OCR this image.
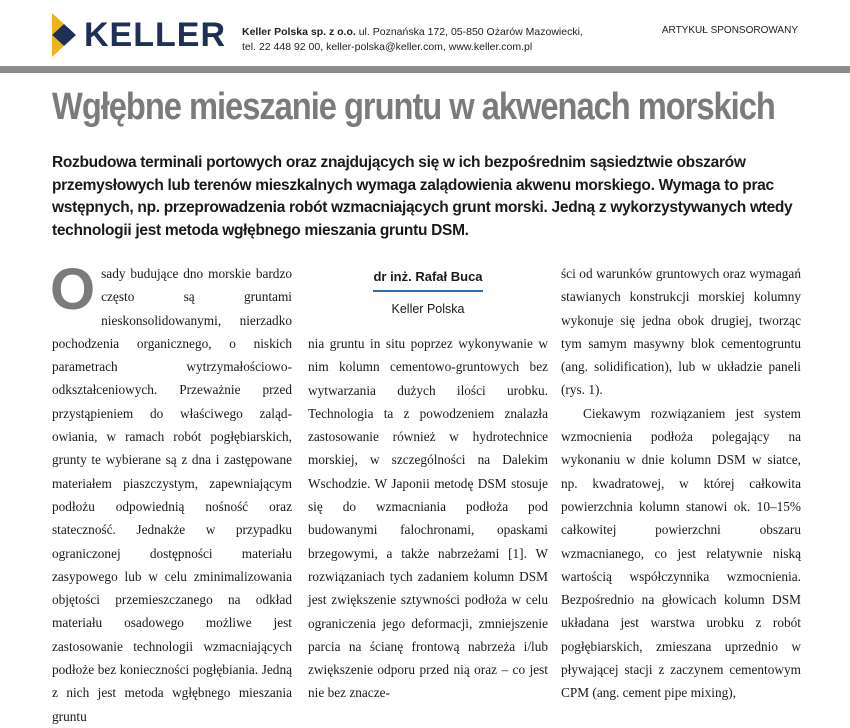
KELLER Keller Polska sp. z o.o. ul. Poznańska 172, 05-850 Ożarów Mazowiecki,
tel. 22 448 92 00, keller-polska@keller.com, www.keller.com.pl
ARTYKUŁ SPONSOROWANY
Wgłębne mieszanie gruntu w akwenach morskich

Rozbudowa terminali portowych oraz znajdujących się w ich bezpośrednim sąsiedztwie obszarów przemysłowych lub terenów mieszkalnych wymaga zalądowienia akwenu morskiego. Wymaga to prac wstępnych, np. przeprowadzenia robót wzmacniających grunt morski. Jedną z wykorzystywanych wtedy technologii jest metoda wgłębnego mieszania gruntu DSM.

Osady budujące dno morskie bardzo często są gruntami nieskonsolidowanymi, nierzadko pochodzenia organicznego, o niskich parametrach wytrzymałościowo-odkształceniowych. Przeważnie przed przystąpieniem do właściwego zalądowiania, w ramach robót pogłębiarskich, grunty te wybierane są z dna i zastępowane materiałem piaszczystym, zapewniającym podłożu odpowiednią nośność oraz stateczność. Jednakże w przypadku ograniczonej dostępności materiału zasypowego lub w celu zminimalizowania objętości przemieszczanego na odkład materiału osadowego możliwe jest zastosowanie technologii wzmacniających podłoże bez konieczności pogłębiania. Jedną z nich jest metoda wgłębnego mieszania gruntu

dr inż. Rafał Buca
Keller Polska

nia gruntu in situ poprzez wykonywanie w nim kolumn cementowo-gruntowych bez wytwarzania dużych ilości urobku. Technologia ta z powodzeniem znalazła zastosowanie również w hydrotechnice morskiej, w szczególności na Dalekim Wschodzie. W Japonii metodę DSM stosuje się do wzmacniania podłoża pod budowanymi falochronami, opaskami brzegowymi, a także nabrzeżami [1]. W rozwiązaniach tych zadaniem kolumn DSM jest zwiększenie sztywności podłoża w celu ograniczenia jego deformacji, zmniejszenie parcia na ścianę frontową nabrzeża i/lub zwiększenie odporu przed nią oraz – co jest nie bez znacze-

ści od warunków gruntowych oraz wymagań stawianych konstrukcji morskiej kolumny wykonuje się jedna obok drugiej, tworząc tym samym masywny blok cementogruntu (ang. solidification), lub w układzie paneli (rys. 1).

Ciekawym rozwiązaniem jest system wzmocnienia podłoża polegający na wykonaniu w dnie kolumn DSM w siatce, np. kwadratowej, w której całkowita powierzchnia kolumn stanowi ok. 10–15% całkowitej powierzchni obszaru wzmacnianego, co jest relatywnie niską wartością współczynnika wzmocnienia. Bezpośrednio na głowicach kolumn DSM układana jest warstwa urobku z robót pogłębiarskich, zmieszana uprzednio w pływającej stacji z zaczynem cementowym CPM (ang. cement pipe mixing),
